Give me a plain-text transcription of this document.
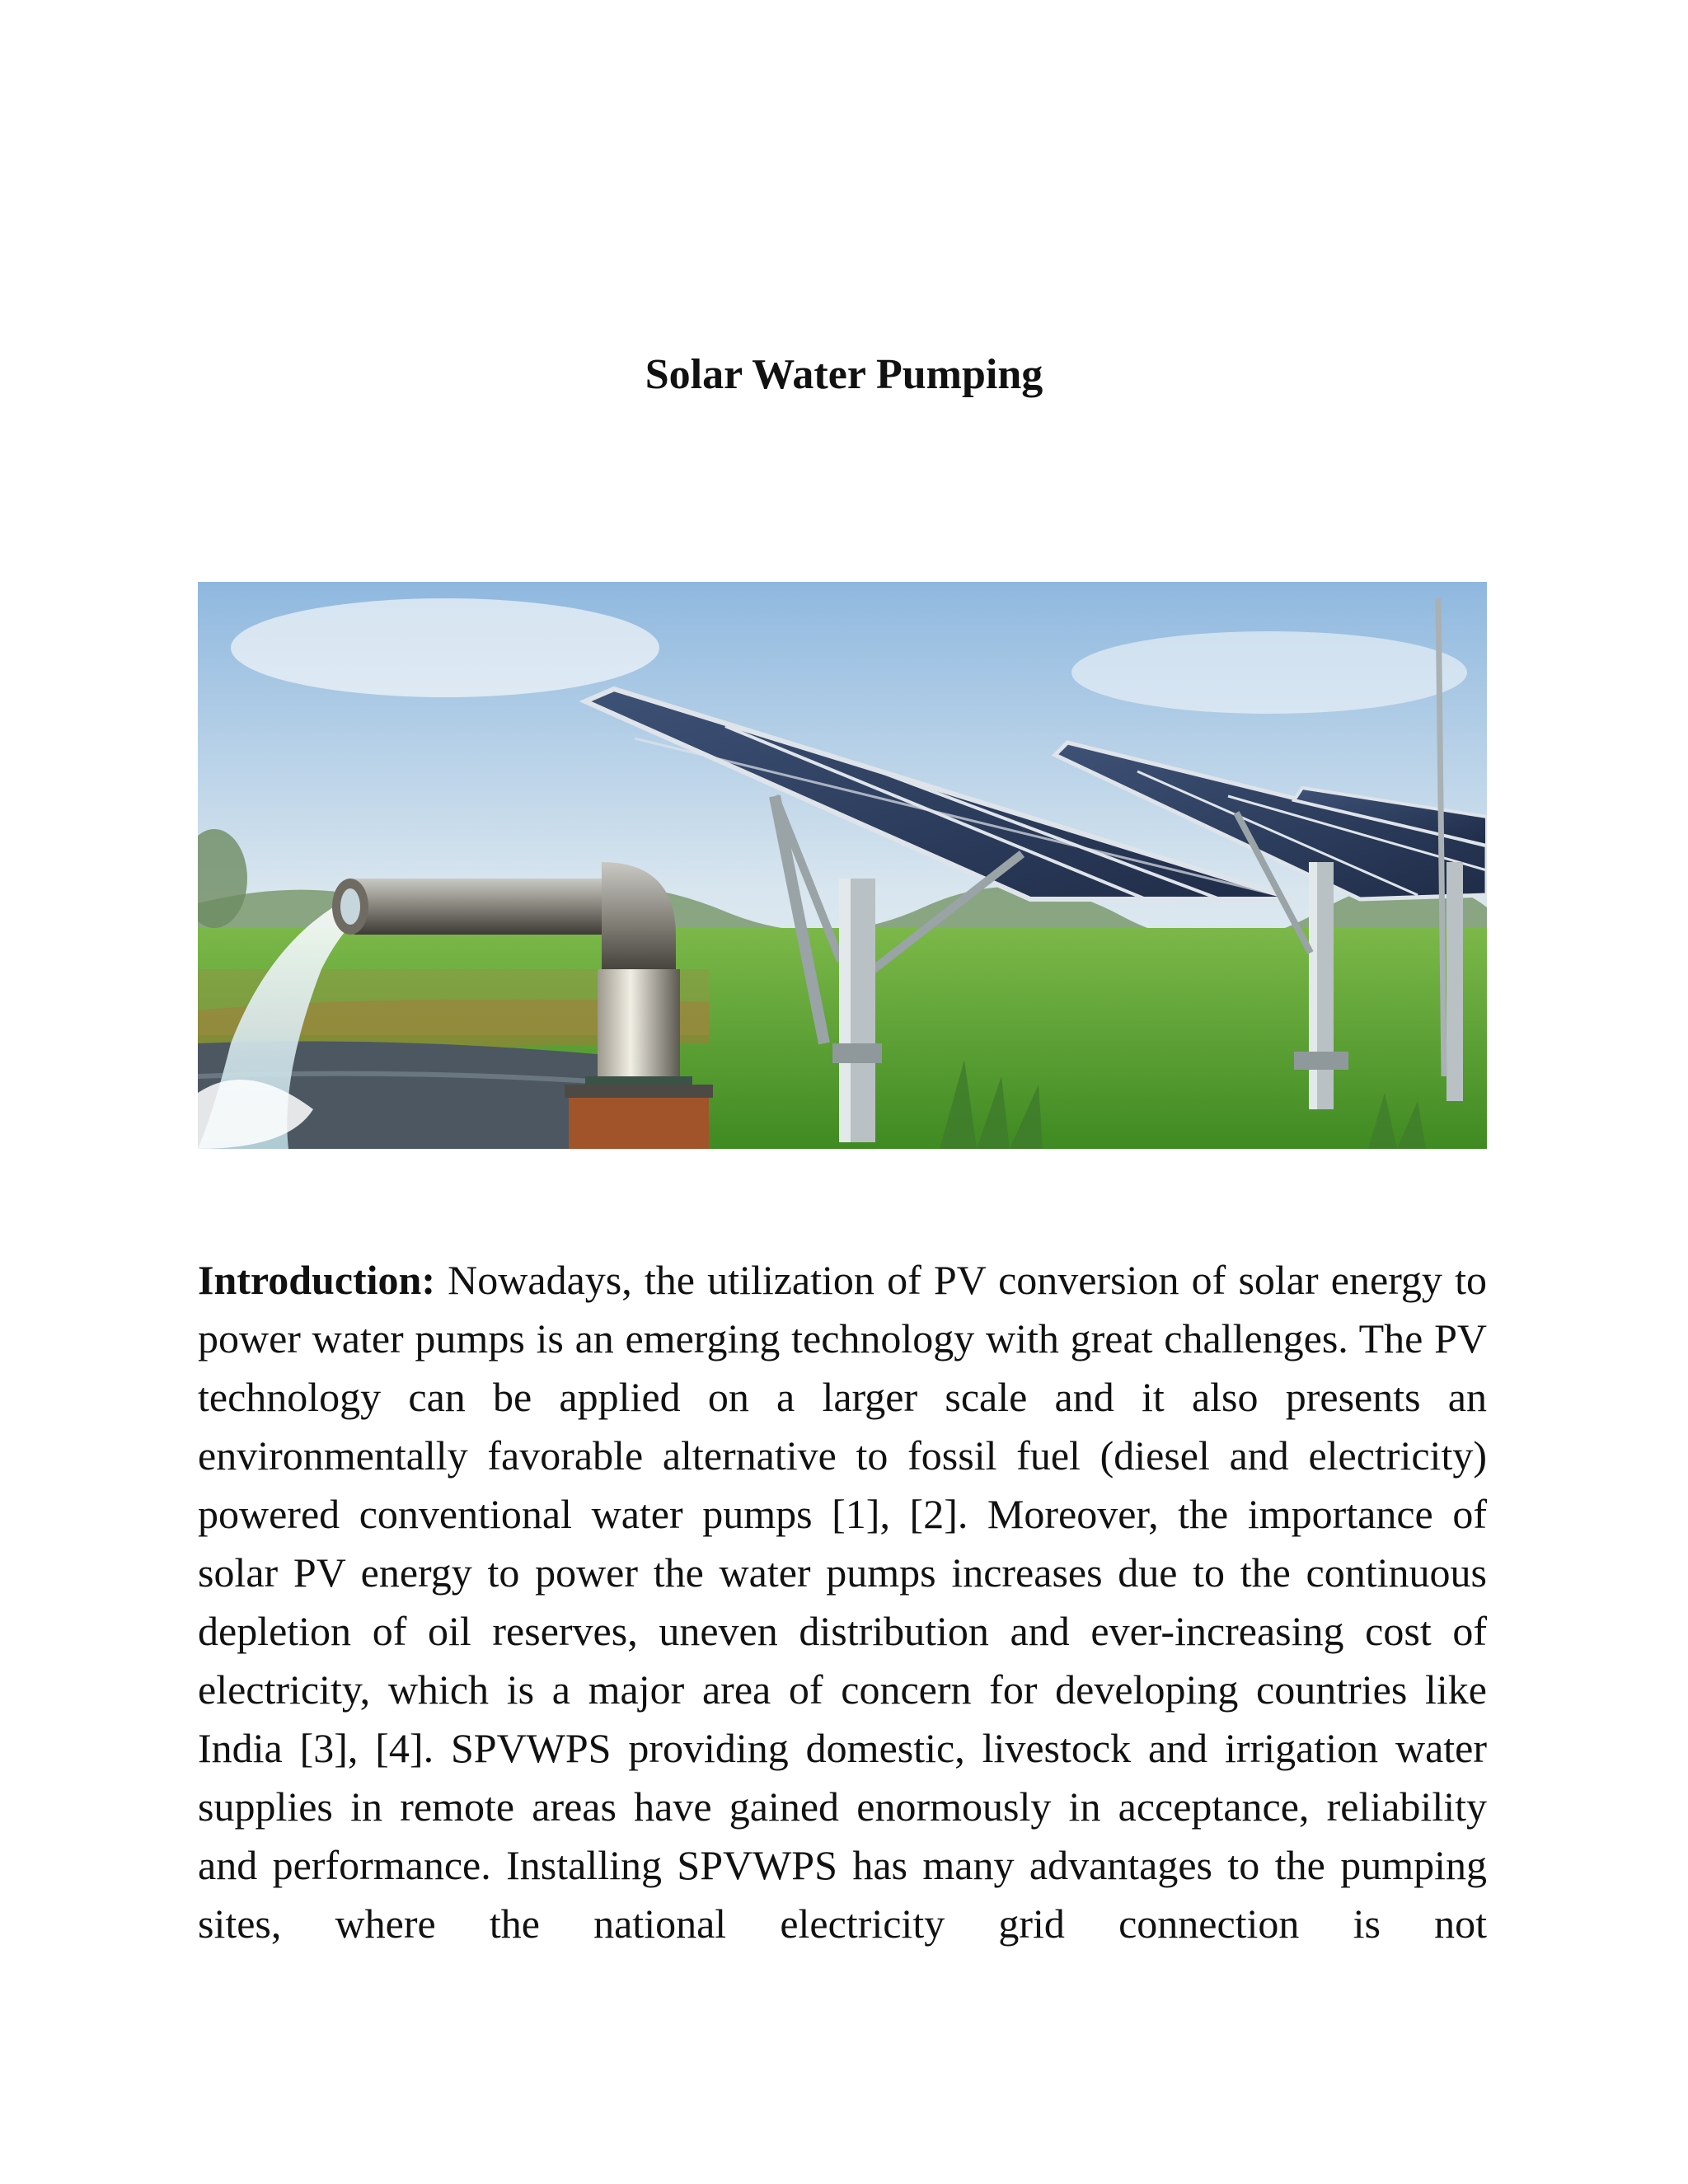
Solar Water Pumping

Introduction: Nowadays, the utilization of PV conversion of solar energy to power water pumps is an emerging technology with great challenges. The PV technology can be applied on a larger scale and it also presents an environmentally favorable alternative to fossil fuel (diesel and electricity) powered conventional water pumps [1], [2]. Moreover, the importance of solar PV energy to power the water pumps increases due to the continuous depletion of oil reserves, uneven distribution and ever-increasing cost of electricity, which is a major area of concern for developing countries like India [3], [4]. SPVWPS providing domestic, livestock and irrigation water supplies in remote areas have gained enormously in acceptance, reliability and performance. Installing SPVWPS has many advantages to the pumping sites, where the national electricity grid connection is not
